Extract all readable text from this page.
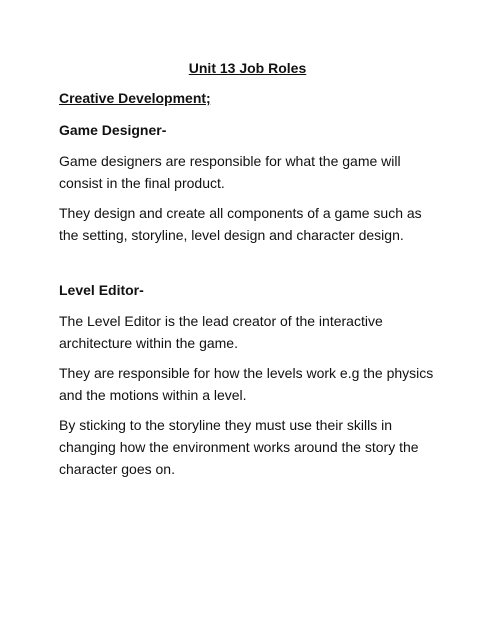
Unit 13 Job Roles

Creative Development;

Game Designer-

Game designers are responsible for what the game will consist in the final product.

They design and create all components of a game such as the setting, storyline, level design and character design.

Level Editor-

The Level Editor is the lead creator of the interactive architecture within the game.

They are responsible for how the levels work e.g the physics and the motions within a level.

By sticking to the storyline they must use their skills in changing how the environment works around the story the character goes on.
